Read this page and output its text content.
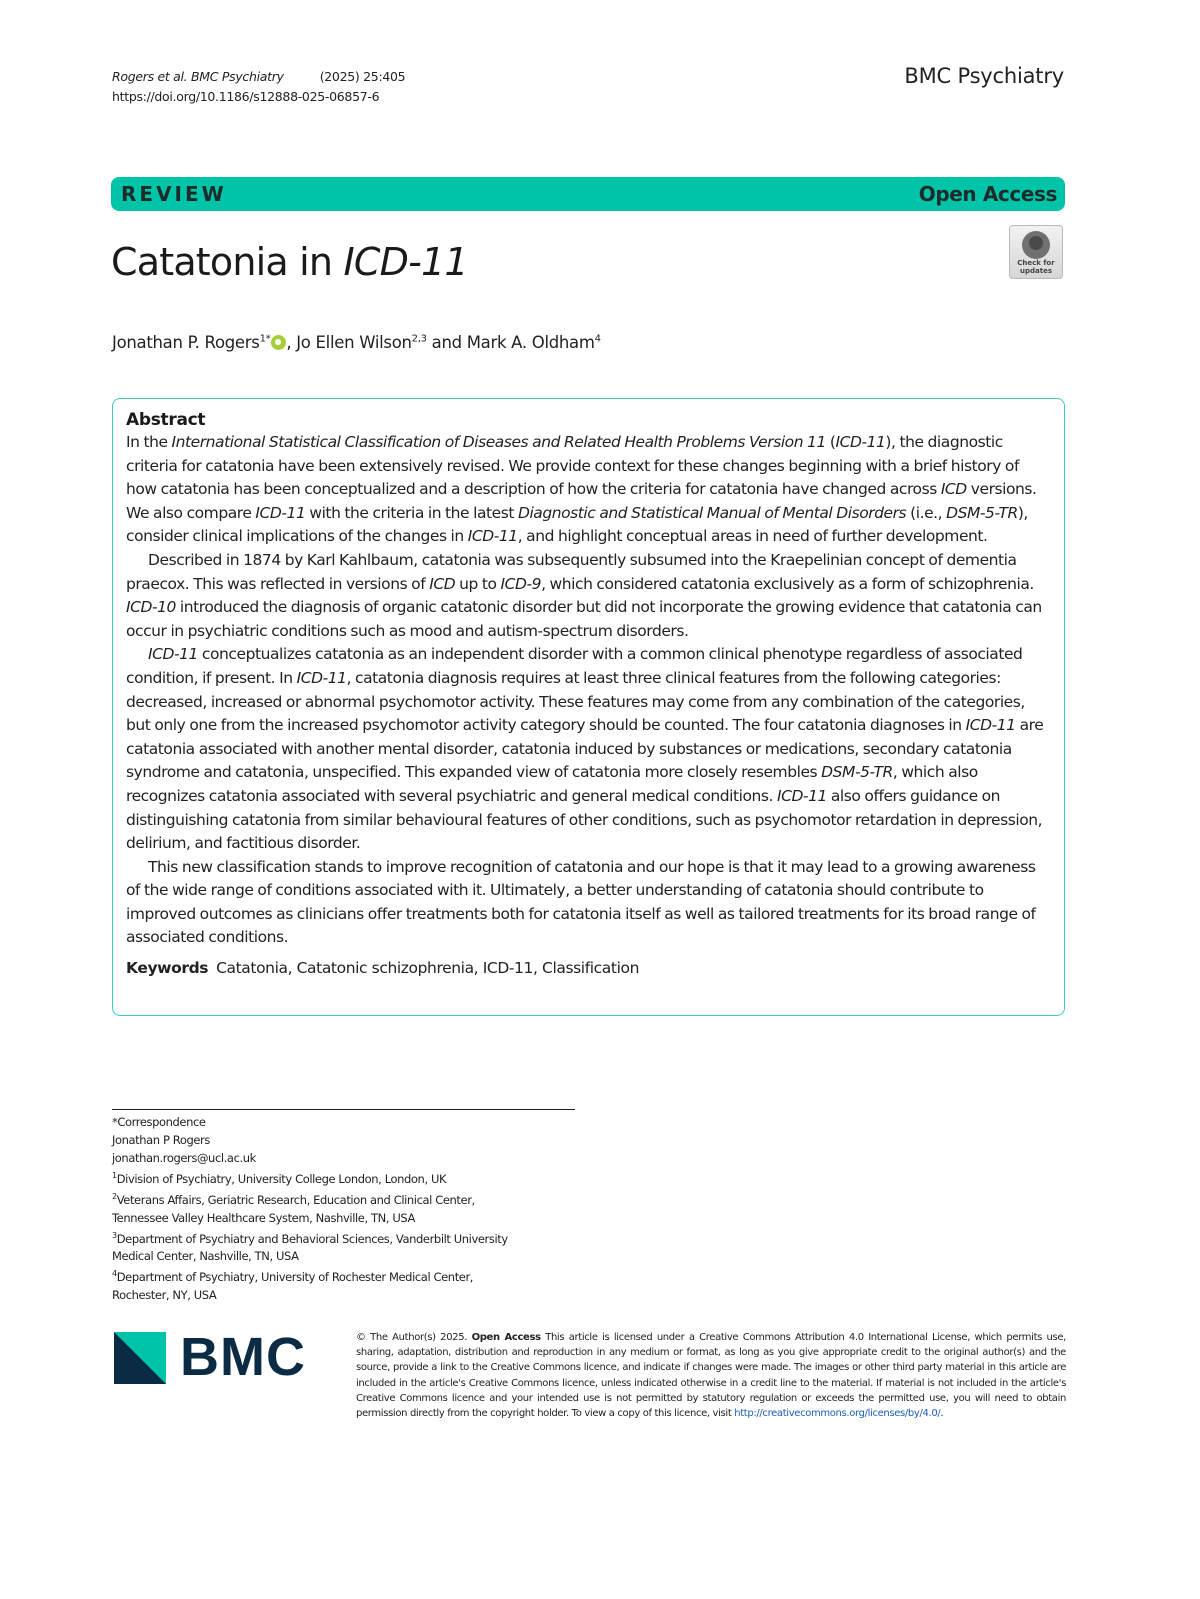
Rogers et al. BMC Psychiatry	(2025) 25:405
https://doi.org/10.1186/s12888-025-06857-6
BMC Psychiatry
REVIEW	Open Access
Catatonia in ICD-11	Check for
updates
Jonathan P. Rogers$^{1*}$ , Jo Ellen Wilson$^{2,3}$ and Mark A. Oldham$^4$
Abstract

In the International Statistical Classification of Diseases and Related Health Problems Version 11 (ICD-11), the diagnostic criteria for catatonia have been extensively revised. We provide context for these changes beginning with a brief history of how catatonia has been conceptualized and a description of how the criteria for catatonia have changed across ICD versions. We also compare ICD-11 with the criteria in the latest Diagnostic and Statistical Manual of Mental Disorders (i.e., DSM-5-TR), consider clinical implications of the changes in ICD-11, and highlight conceptual areas in need of further development.

Described in 1874 by Karl Kahlbaum, catatonia was subsequently subsumed into the Kraepelinian concept of dementia praecox. This was reflected in versions of ICD up to ICD-9, which considered catatonia exclusively as a form of schizophrenia. ICD-10 introduced the diagnosis of organic catatonic disorder but did not incorporate the growing evidence that catatonia can occur in psychiatric conditions such as mood and autism-spectrum disorders.

ICD-11 conceptualizes catatonia as an independent disorder with a common clinical phenotype regardless of associated condition, if present. In ICD-11, catatonia diagnosis requires at least three clinical features from the following categories: decreased, increased or abnormal psychomotor activity. These features may come from any combination of the categories, but only one from the increased psychomotor activity category should be counted. The four catatonia diagnoses in ICD-11 are catatonia associated with another mental disorder, catatonia induced by substances or medications, secondary catatonia syndrome and catatonia, unspecified. This expanded view of catatonia more closely resembles DSM-5-TR, which also recognizes catatonia associated with several psychiatric and general medical conditions. ICD-11 also offers guidance on distinguishing catatonia from similar behavioural features of other conditions, such as psychomotor retardation in depression, delirium, and factitious disorder.

This new classification stands to improve recognition of catatonia and our hope is that it may lead to a growing awareness of the wide range of conditions associated with it. Ultimately, a better understanding of catatonia should contribute to improved outcomes as clinicians offer treatments both for catatonia itself as well as tailored treatments for its broad range of associated conditions.

Keywords Catatonia, Catatonic schizophrenia, ICD-11, Classification
*Correspondence
Jonathan P Rogers
jonathan.rogers@ucl.ac.uk
$^1$Division of Psychiatry, University College London, London, UK
$^2$Veterans Affairs, Geriatric Research, Education and Clinical Center,
Tennessee Valley Healthcare System, Nashville, TN, USA
$^3$Department of Psychiatry and Behavioral Sciences, Vanderbilt University
Medical Center, Nashville, TN, USA
$^4$Department of Psychiatry, University of Rochester Medical Center,
Rochester, NY, USA
BMC	© The Author(s) 2025. Open Access This article is licensed under a Creative Commons Attribution 4.0 International License, which permits use, sharing, adaptation, distribution and reproduction in any medium or format, as long as you give appropriate credit to the original author(s) and the source, provide a link to the Creative Commons licence, and indicate if changes were made. The images or other third party material in this article are included in the article's Creative Commons licence, unless indicated otherwise in a credit line to the material. If material is not included in the article's Creative Commons licence and your intended use is not permitted by statutory regulation or exceeds the permitted use, you will need to obtain permission directly from the copyright holder. To view a copy of this licence, visit http://creativecommons.org/licenses/by/4.0/.
